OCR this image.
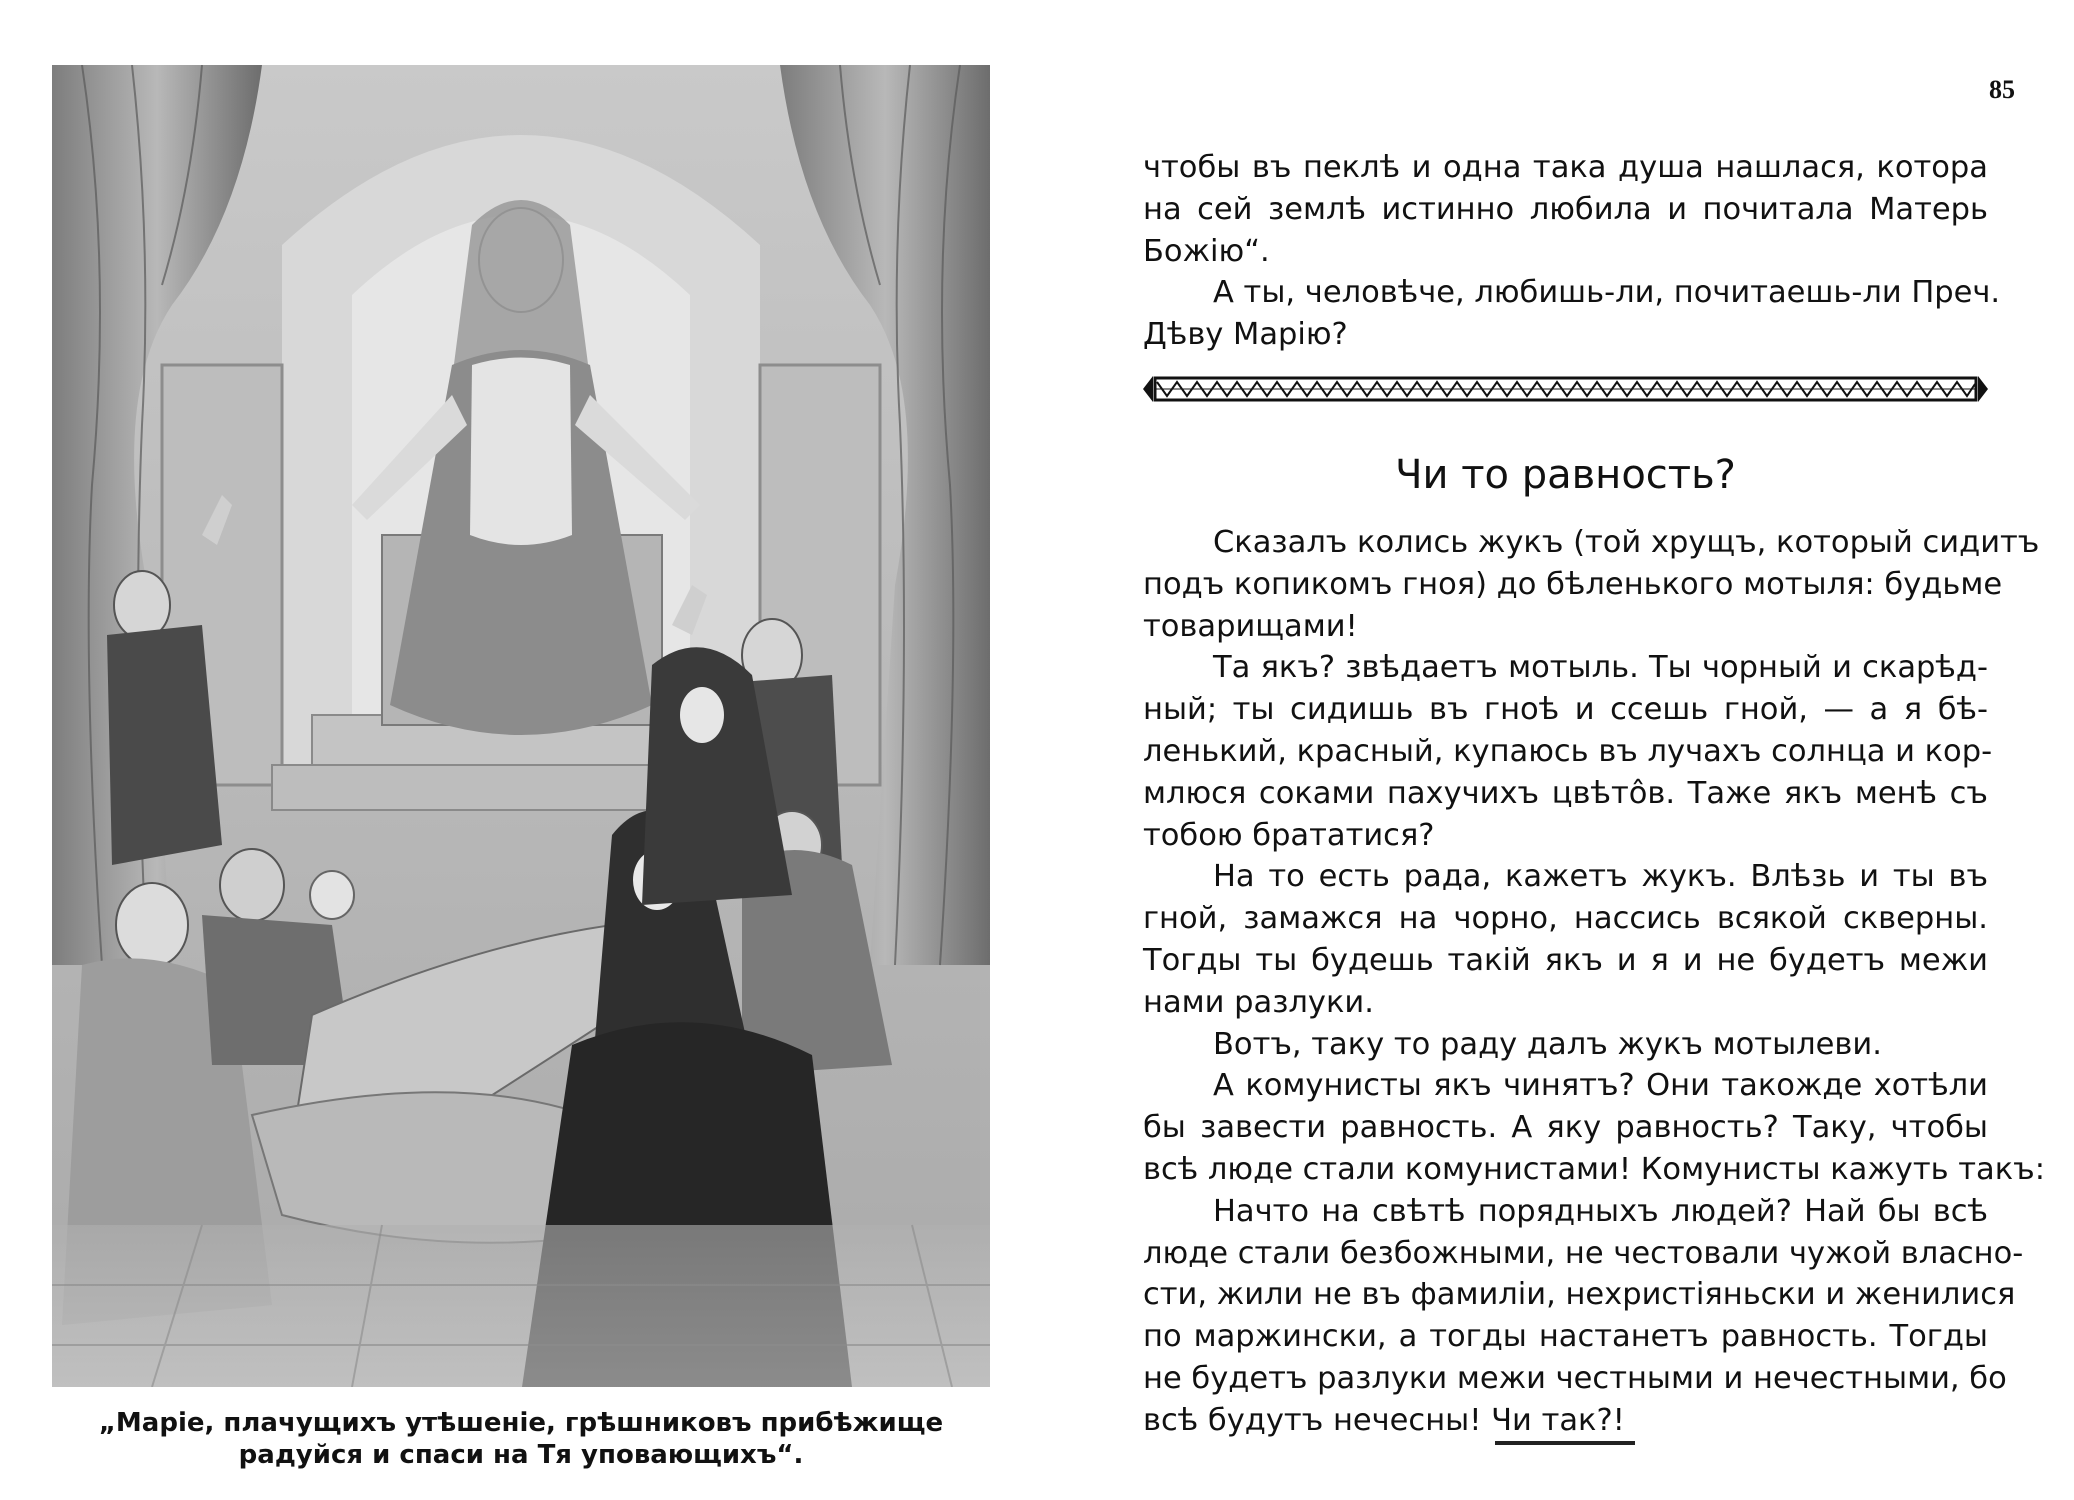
„Маріе, плачущихъ утѣшеніе, грѣшниковъ прибѣжище
радуйся и спаси на Тя уповающихъ“.
85
чтобы въ пеклѣ и одна така душа нашлася, котора
на сей землѣ истинно любила и почитала Матерь
Божію“.
А ты, человѣче, любишь-ли, почитаешь-ли Преч.
Дѣву Марію?
Чи то равность?
Сказалъ колись жукъ (той хрущъ, который сидитъ
подъ копикомъ гноя) до бѣленького мотыля: будьме
товарищами!
Та якъ? звѣдаетъ мотыль. Ты чорный и скарѣд-
ный; ты сидишь въ гноѣ и ссешь гной, — а я бѣ-
ленький, красный, купаюсь въ лучахъ солнца и кор-
млюся соками пахучихъ цвѣтôв. Таже якъ менѣ съ
тобою брататися?
На то есть рада, кажетъ жукъ. Влѣзь и ты въ
гной, замажся на чорно, нассись всякой скверны.
Тогды ты будешь такій якъ и я и не будетъ межи
нами разлуки.
Вотъ, таку то раду далъ жукъ мотылеви.
А комунисты якъ чинятъ? Они такожде хотѣли
бы завести равность. А яку равность? Таку, чтобы
всѣ люде стали комунистами! Комунисты кажуть такъ:
Начто на свѣтѣ порядныхъ людей? Най бы всѣ
люде стали безбожными, не честовали чужой власно-
сти, жили не въ фамиліи, нехристіяньски и женилися
по маржински, а тогды настанетъ равность. Тогды
не будетъ разлуки межи честными и нечестными, бо
всѣ будутъ нечесны! Чи так?!
